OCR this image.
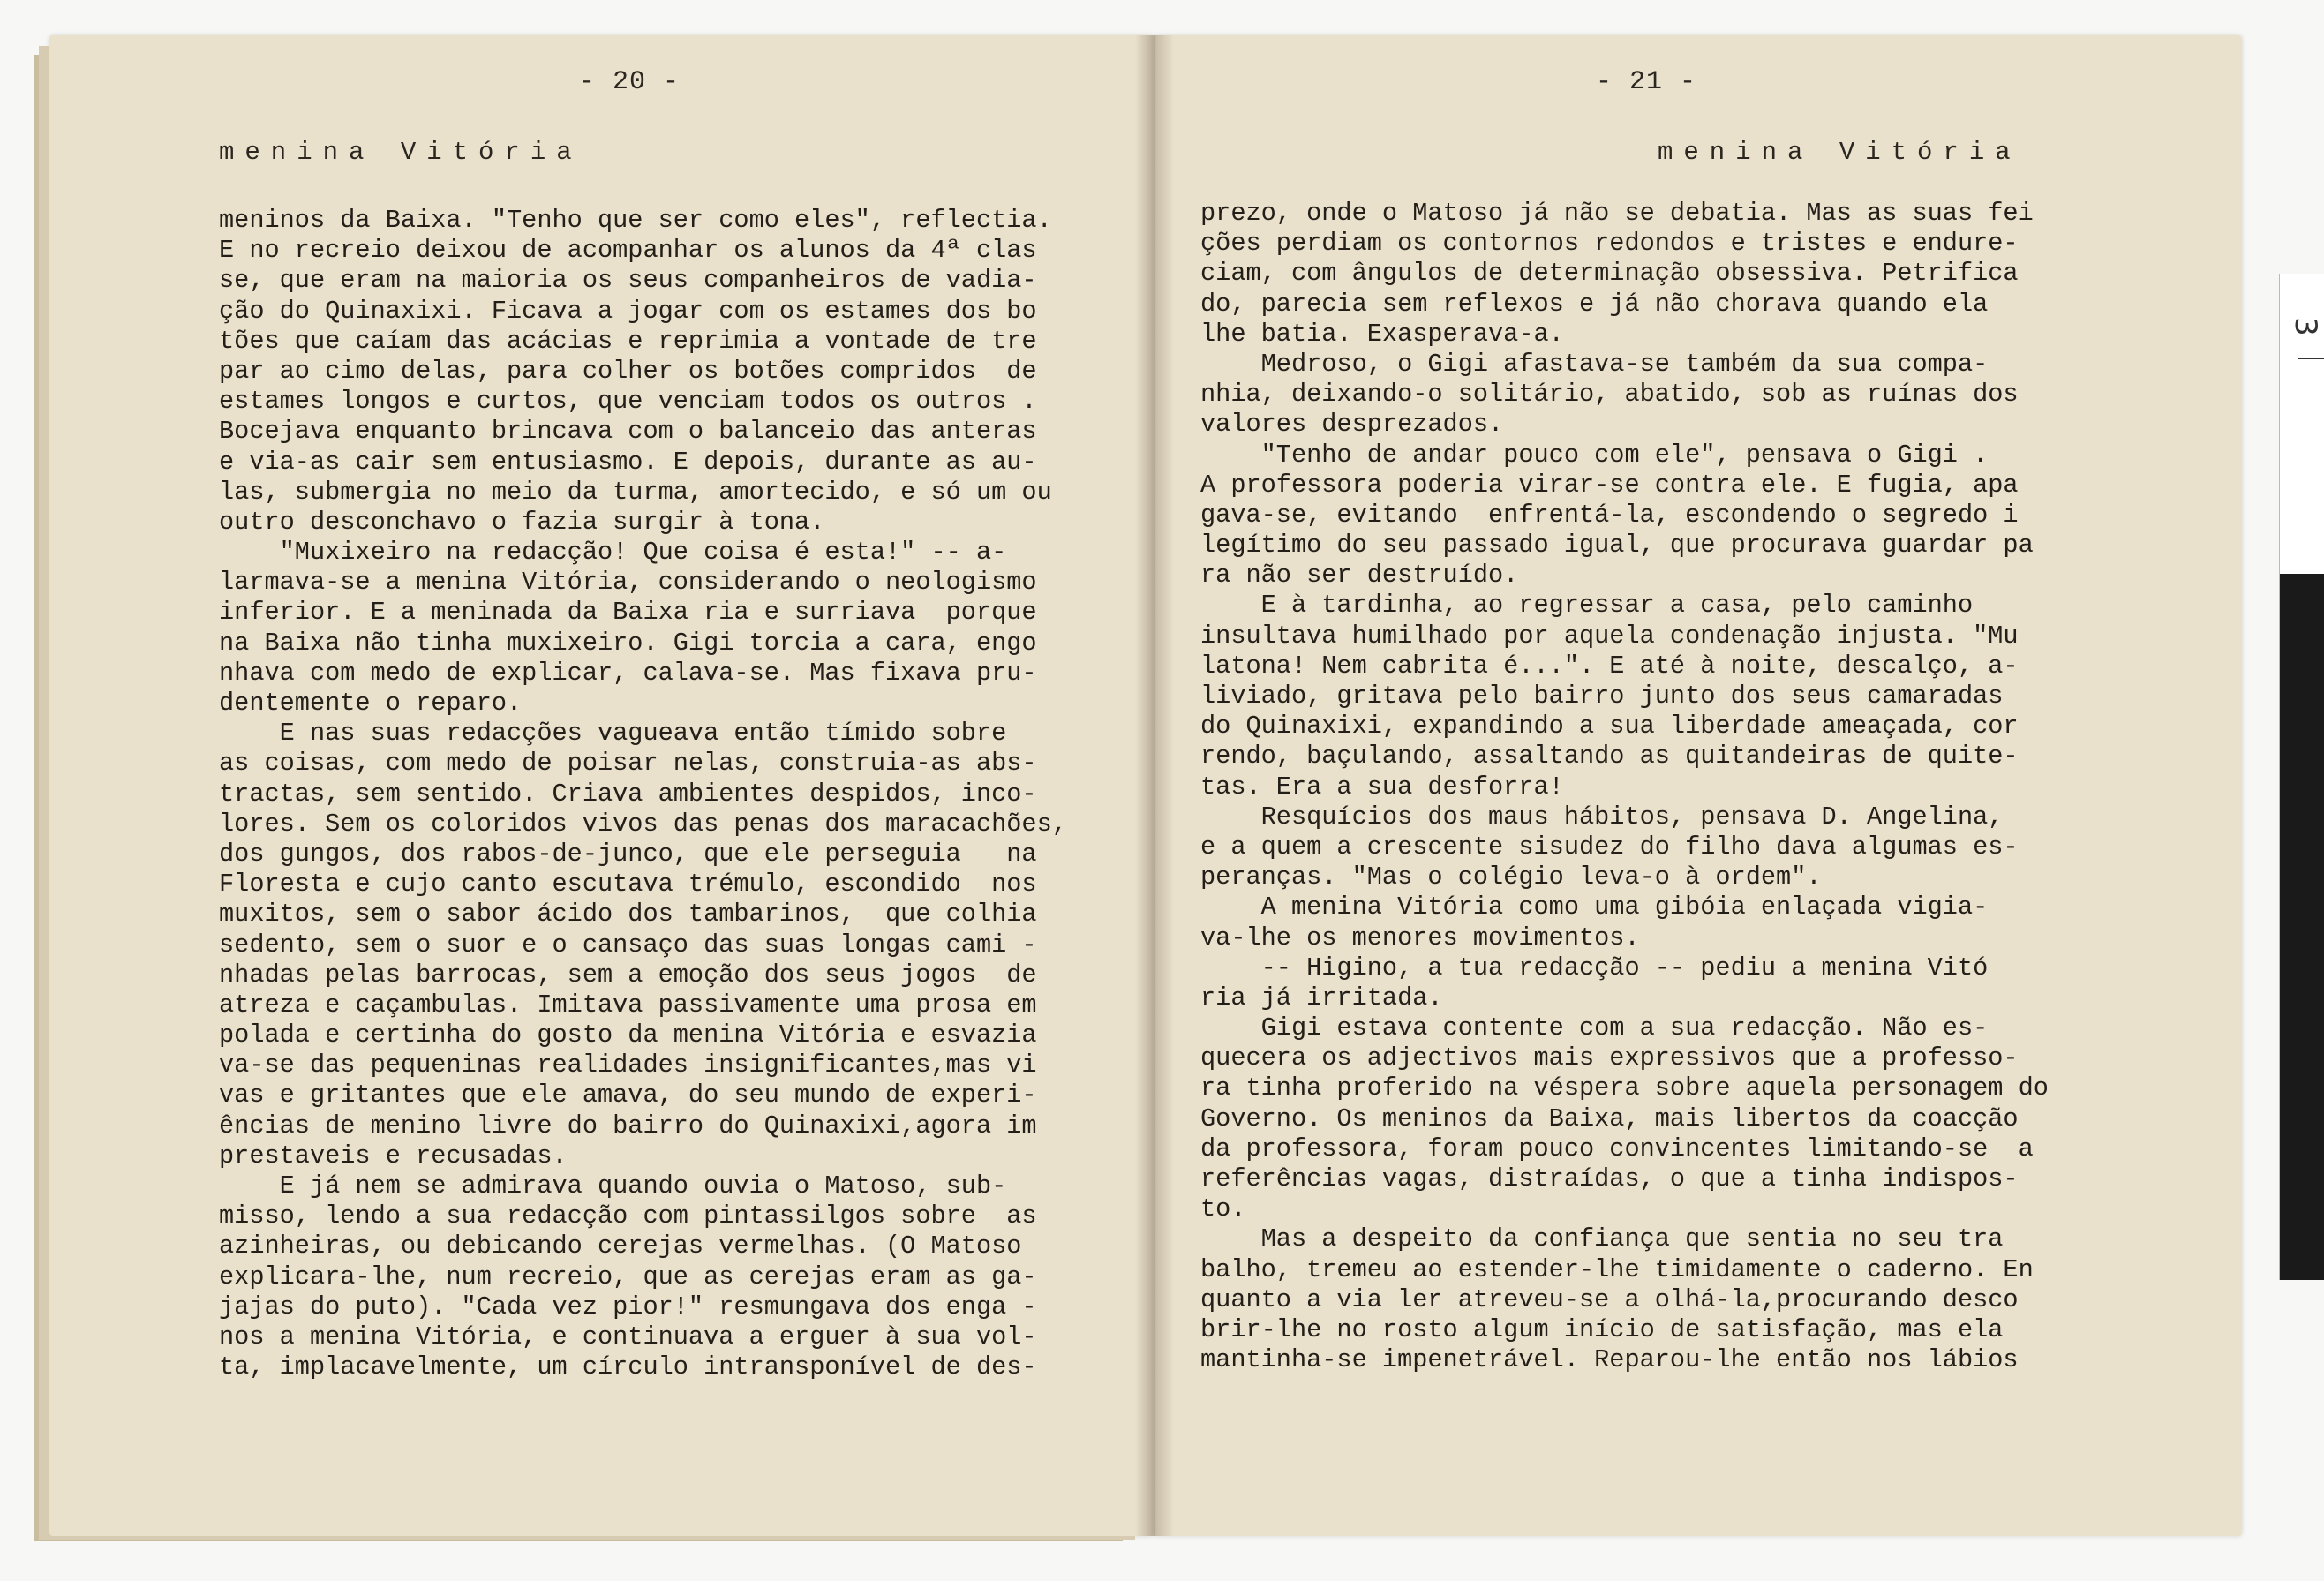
- 20 -
menina Vitória
meninos da Baixa. "Tenho que ser como eles", reflectia.
E no recreio deixou de acompanhar os alunos da 4ª clas
se, que eram na maioria os seus companheiros de vadia-
ção do Quinaxixi. Ficava a jogar com os estames dos bo
tões que caíam das acácias e reprimia a vontade de tre
par ao cimo delas, para colher os botões compridos  de
estames longos e curtos, que venciam todos os outros .
Bocejava enquanto brincava com o balanceio das anteras
e via-as cair sem entusiasmo. E depois, durante as au-
las, submergia no meio da turma, amortecido, e só um ou
outro desconchavo o fazia surgir à tona.
"Muxixeiro na redacção! Que coisa é esta!" -- a-
larmava-se a menina Vitória, considerando o neologismo
inferior. E a meninada da Baixa ria e surriava  porque
na Baixa não tinha muxixeiro. Gigi torcia a cara, engo
nhava com medo de explicar, calava-se. Mas fixava pru-
dentemente o reparo.
E nas suas redacções vagueava então tímido sobre
as coisas, com medo de poisar nelas, construia-as abs-
tractas, sem sentido. Criava ambientes despidos, inco-
lores. Sem os coloridos vivos das penas dos maracachões,
dos gungos, dos rabos-de-junco, que ele perseguia   na
Floresta e cujo canto escutava trémulo, escondido  nos
muxitos, sem o sabor ácido dos tambarinos,  que colhia
sedento, sem o suor e o cansaço das suas longas cami -
nhadas pelas barrocas, sem a emoção dos seus jogos  de
atreza e caçambulas. Imitava passivamente uma prosa em
polada e certinha do gosto da menina Vitória e esvazia
va-se das pequeninas realidades insignificantes,mas vi
vas e gritantes que ele amava, do seu mundo de experi-
ências de menino livre do bairro do Quinaxixi,agora im
prestaveis e recusadas.
E já nem se admirava quando ouvia o Matoso, sub-
misso, lendo a sua redacção com pintassilgos sobre  as
azinheiras, ou debicando cerejas vermelhas. (O Matoso
explicara-lhe, num recreio, que as cerejas eram as ga-
jajas do puto). "Cada vez pior!" resmungava dos enga -
nos a menina Vitória, e continuava a erguer à sua vol-
ta, implacavelmente, um círculo intransponível de des-
- 21 -
menina Vitória
prezo, onde o Matoso já não se debatia. Mas as suas fei
ções perdiam os contornos redondos e tristes e endure-
ciam, com ângulos de determinação obsessiva. Petrifica
do, parecia sem reflexos e já não chorava quando ela
lhe batia. Exasperava-a.
Medroso, o Gigi afastava-se também da sua compa-
nhia, deixando-o solitário, abatido, sob as ruínas dos
valores desprezados.
"Tenho de andar pouco com ele", pensava o Gigi .
A professora poderia virar-se contra ele. E fugia, apa
gava-se, evitando  enfrentá-la, escondendo o segredo i
legítimo do seu passado igual, que procurava guardar pa
ra não ser destruído.
E à tardinha, ao regressar a casa, pelo caminho
insultava humilhado por aquela condenação injusta. "Mu
latona! Nem cabrita é...". E até à noite, descalço, a-
liviado, gritava pelo bairro junto dos seus camaradas
do Quinaxixi, expandindo a sua liberdade ameaçada, cor
rendo, baçulando, assaltando as quitandeiras de quite-
tas. Era a sua desforra!
Resquícios dos maus hábitos, pensava D. Angelina,
e a quem a crescente sisudez do filho dava algumas es-
peranças. "Mas o colégio leva-o à ordem".
A menina Vitória como uma gibóia enlaçada vigia-
va-lhe os menores movimentos.
-- Higino, a tua redacção -- pediu a menina Vitó
ria já irritada.
Gigi estava contente com a sua redacção. Não es-
quecera os adjectivos mais expressivos que a professo-
ra tinha proferido na véspera sobre aquela personagem do
Governo. Os meninos da Baixa, mais libertos da coacção
da professora, foram pouco convincentes limitando-se  a
referências vagas, distraídas, o que a tinha indispos-
to.
Mas a despeito da confiança que sentia no seu tra
balho, tremeu ao estender-lhe timidamente o caderno. En
quanto a via ler atreveu-se a olhá-la,procurando desco
brir-lhe no rosto algum início de satisfação, mas ela
mantinha-se impenetrável. Reparou-lhe então nos lábios
3
